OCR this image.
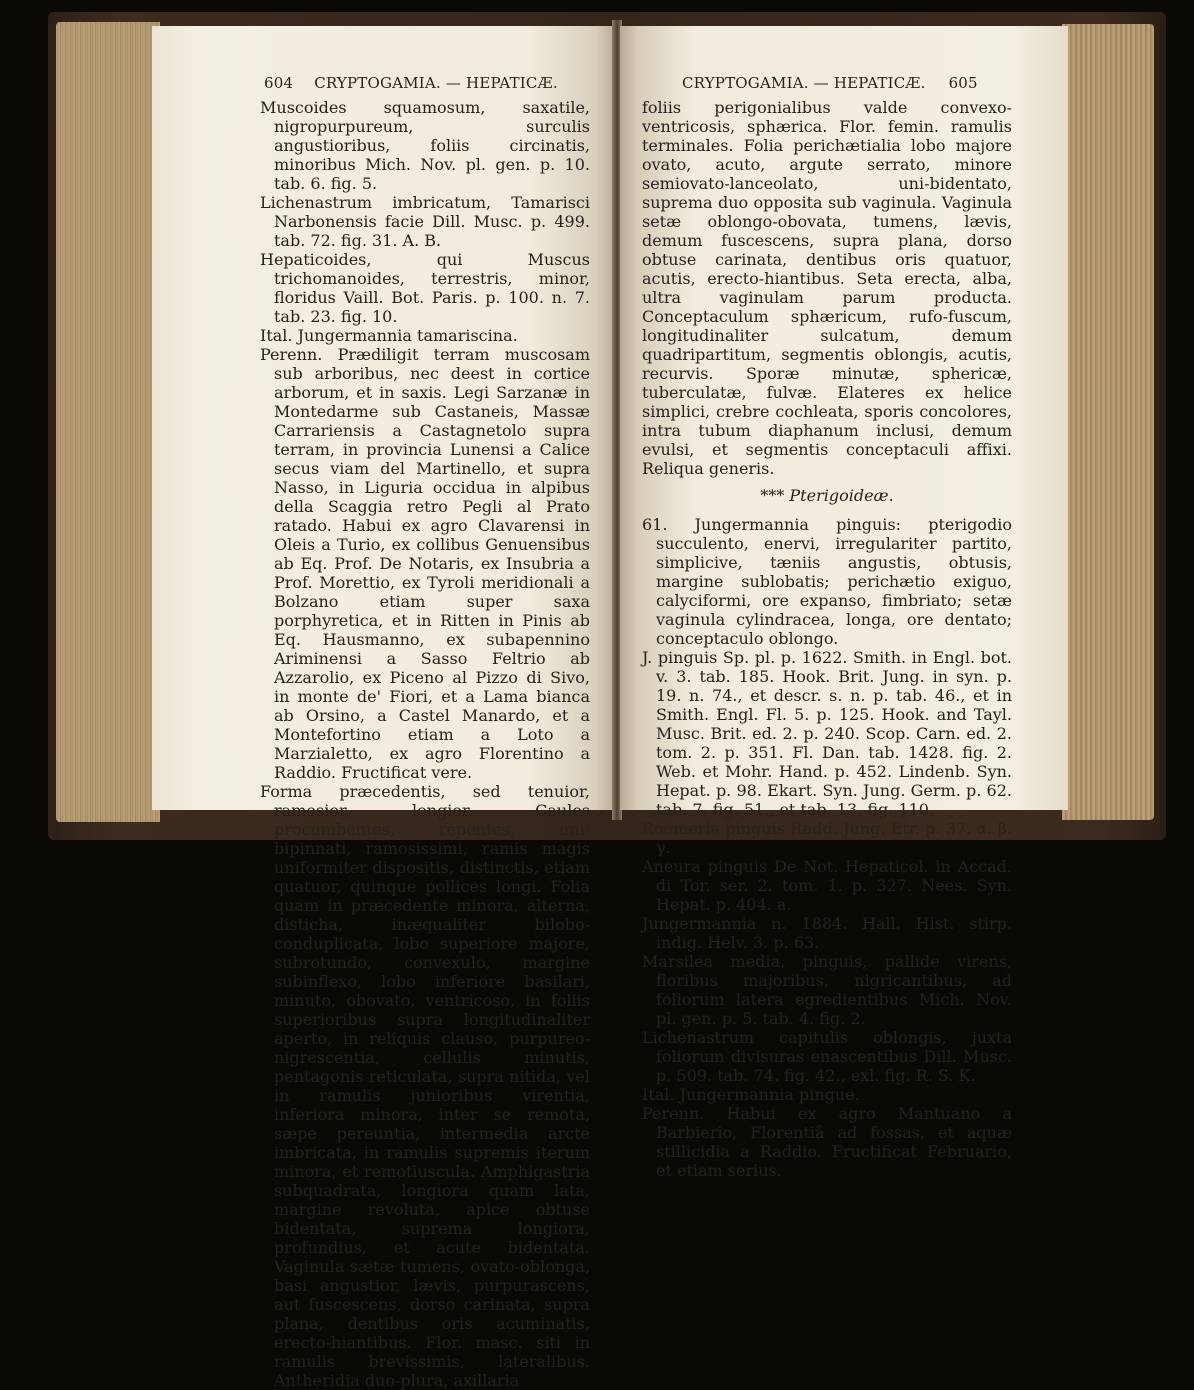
604 CRYPTOGAMIA. — HEPATICÆ.

Muscoides squamosum, saxatile, nigropurpureum, surculis angustioribus, foliis circinatis, minoribus Mich. Nov. pl. gen. p. 10. tab. 6. fig. 5.

Lichenastrum imbricatum, Tamarisci Narbonensis facie Dill. Musc. p. 499. tab. 72. fig. 31. A. B.

Hepaticoides, qui Muscus trichomanoides, terrestris, minor, floridus Vaill. Bot. Paris. p. 100. n. 7. tab. 23. fig. 10.

Ital. Jungermannia tamariscina.

Perenn. Prædiligit terram muscosam sub arboribus, nec deest in cortice arborum, et in saxis. Legi Sarzanæ in Montedarme sub Castaneis, Massæ Carrariensis a Castagnetolo supra terram, in provincia Lunensi a Calice secus viam del Martinello, et supra Nasso, in Liguria occidua in alpibus della Scaggia retro Pegli al Prato ratado. Habui ex agro Clavarensi in Oleis a Turio, ex collibus Genuensibus ab Eq. Prof. De Notaris, ex Insubria a Prof. Morettio, ex Tyroli meridionali a Bolzano etiam super saxa porphyretica, et in Ritten in Pinis ab Eq. Hausmanno, ex subapennino Ariminensi a Sasso Feltrio ab Azzarolio, ex Piceno al Pizzo di Sivo, in monte de' Fiori, et a Lama bianca ab Orsino, a Castel Manardo, et a Montefortino etiam a Loto a Marzialetto, ex agro Florentino a Raddio. Fructificat vere.

Forma præcedentis, sed tenuior, ramosior, longior. Caules procumbentes, repentes, uni-bipinnati, ramosissimi, ramis magis uniformiter dispositis, distinctis, etiam quatuor, quinque pollices longi. Folia quam in præcedente minora, alterna, disticha, inæqualiter bilobo-conduplicata, lobo superiore majore, subrotundo, convexulo, margine subinflexo, lobo inferiore basilari, minuto, obovato, ventricoso, in foliis superioribus supra longitudinaliter aperto, in reliquis clauso, purpureo-nigrescentia, cellulis minutis, pentagonis reticulata, supra nitida, vel in ramulis junioribus virentia, inferiora minora, inter se remota, sæpe pereuntia, intermedia arcte imbricata, in ramulis supremis iterum minora, et remotiuscula. Amphigastria subquadrata, longiora quam lata, margine revoluta, apice obtuse bidentata, suprema longiora, profundius, et acute bidentata. Vaginula sætæ tumens, ovato-oblonga, basi angustior, lævis, purpurascens, aut fuscescens, dorso carinata, supra plana, dentibus oris acuminatis, erecto-hiantibus. Flor. masc. siti in ramulis brevissimis, lateralibus. Antheridia duo-plura, axillaria

CRYPTOGAMIA. — HEPATICÆ. 605

foliis perigonialibus valde convexo-ventricosis, sphærica. Flor. femin. ramulis terminales. Folia perichætialia lobo majore ovato, acuto, argute serrato, minore semiovato-lanceolato, uni-bidentato, suprema duo opposita sub vaginula. Vaginula setæ oblongo-obovata, tumens, lævis, demum fuscescens, supra plana, dorso obtuse carinata, dentibus oris quatuor, acutis, erecto-hiantibus. Seta erecta, alba, ultra vaginulam parum producta. Conceptaculum sphæricum, rufo-fuscum, longitudinaliter sulcatum, demum quadripartitum, segmentis oblongis, acutis, recurvis. Sporæ minutæ, sphericæ, tuberculatæ, fulvæ. Elateres ex helice simplici, crebre cochleata, sporis concolores, intra tubum diaphanum inclusi, demum evulsi, et segmentis conceptaculi affixi. Reliqua generis.

*** Pterigoideæ.

61. Jungermannia pinguis: pterigodio succulento, enervi, irregulariter partito, simplicive, tæniis angustis, obtusis, margine sublobatis; perichætio exiguo, calyciformi, ore expanso, fimbriato; setæ vaginula cylindracea, longa, ore dentato; conceptaculo oblongo.

J. pinguis Sp. pl. p. 1622. Smith. in Engl. bot. v. 3. tab. 185. Hook. Brit. Jung. in syn. p. 19. n. 74., et descr. s. n. p. tab. 46., et in Smith. Engl. Fl. 5. p. 125. Hook. and Tayl. Musc. Brit. ed. 2. p. 240. Scop. Carn. ed. 2. tom. 2. p. 351. Fl. Dan. tab. 1428. fig. 2. Web. et Mohr. Hand. p. 452. Lindenb. Syn. Hepat. p. 98. Ekart. Syn. Jung. Germ. p. 62. tab. 7. fig. 51., et tab. 13. fig. 110.

Roemeria pinguis Radd. Jung. Etr. p. 37. α. β. γ.

Aneura pinguis De Not. Hepaticol. in Accad. di Tor. ser. 2. tom. 1. p. 327. Nees. Syn. Hepat. p. 404. a.

Jungermannia n. 1884. Hall. Hist. stirp. indig. Helv. 3. p. 63.

Marsilea media, pinguis, pallide virens, floribus majoribus, nigricantibus, ad foliorum latera egredientibus Mich. Nov. pl. gen. p. 5. tab. 4. fig. 2.

Lichenastrum capitulis oblongis, juxta foliorum divisuras enascentibus Dill. Musc. p. 509. tab. 74. fig. 42., exl. fig. R. S. K.

Ital. Jungermannia pingue.

Perenn. Habui ex agro Mantuano a Barbierio, Florentiâ ad fossas, et aquæ stillicidia a Raddio. Fructificat Februario, et etiam serius.
